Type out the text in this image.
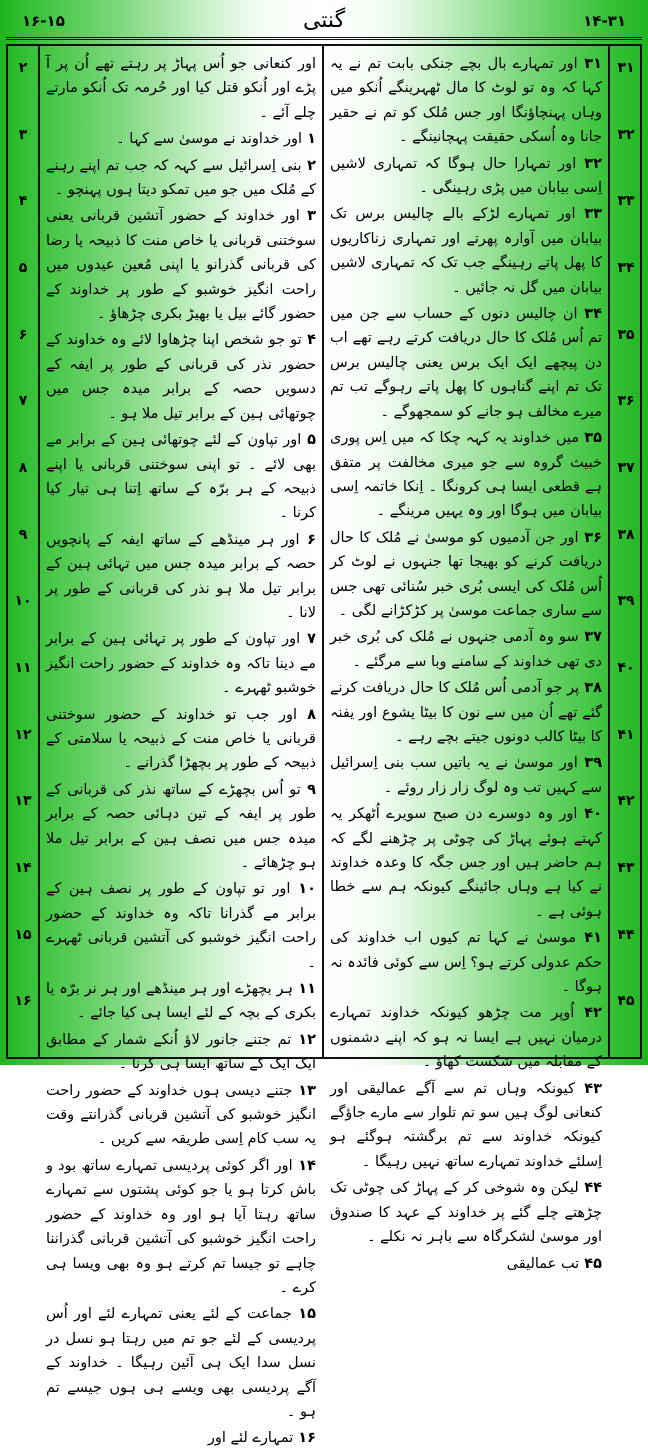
۱۶-۱۵	گنتی	۱۴-۳۱
۳۱
۳۲
۳۳
۳۴
۳۵
۳۶
۳۷
۳۸
۳۹
۴۰
۴۱
۴۲
۴۳
۴۴
۴۵
۲
۳
۴
۵
۶
۷
۸
۹
۱۰
۱۱
۱۲
۱۳
۱۴
۱۵
۱۶

۳۱ اور تمہارے بال بچے جنکی بابت تم نے یہ کہا کہ وہ تو لوٹ کا مال ٹھہرینگے اُنکو میں وہاں پہنچاؤنگا اور جس مُلک کو تم نے حقیر جانا وہ اُسکی حقیقت پہچانینگے ۔

۳۲ اور تمہارا حال ہوگا کہ تمہاری لاشیں اِسی بیابان میں پڑی رہینگی ۔

۳۳ اور تمہارے لڑکے بالے چالیس برس تک بیابان میں آوارہ پھرتے اور تمہاری زناکاریوں کا پھل پاتے رہینگے جب تک کہ تمہاری لاشیں بیابان میں گل نہ جائیں ۔

۳۴ ان چالیس دنوں کے حساب سے جن میں تم اُس مُلک کا حال دریافت کرتے رہے تھے اب دن پیچھے ایک ایک برس یعنی چالیس برس تک تم اپنے گناہوں کا پھل پاتے رہوگے تب تم میرے مخالف ہو جانے کو سمجھوگے ۔

۳۵ میں خداوند یہ کہہ چکا کہ میں اِس پوری خبیث گروہ سے جو میری مخالفت پر متفق ہے قطعی ایسا ہی کرونگا ۔ اِنکا خاتمہ اِسی بیابان میں ہوگا اور وہ یہیں مرینگے ۔

۳۶ اور جن آدمیوں کو موسیٰ نے مُلک کا حال دریافت کرنے کو بھیجا تھا جنہوں نے لوٹ کر اُس مُلک کی ایسی بُری خبر سُنائی تھی جس سے ساری جماعت موسیٰ پر کڑکڑانے لگی ۔

۳۷ سو وہ آدمی جنہوں نے مُلک کی بُری خبر دی تھی خداوند کے سامنے وبا سے مرگئے ۔

۳۸ پر جو آدمی اُس مُلک کا حال دریافت کرنے گئے تھے اُن میں سے نون کا بیٹا یشوع اور یفنہ کا بیٹا کالب دونوں جیتے بچے رہے ۔

۳۹ اور موسیٰ نے یہ باتیں سب بنی اِسرائیل سے کہیں تب وہ لوگ زار زار روئے ۔

۴۰ اور وہ دوسرے دن صبح سویرے اُٹھکر یہ کہتے ہوئے پہاڑ کی چوٹی پر چڑھنے لگے کہ ہم حاضر ہیں اور جس جگہ کا وعدہ خداوند نے کیا ہے وہاں جائینگے کیونکہ ہم سے خطا ہوئی ہے ۔

۴۱ موسیٰ نے کہا تم کیوں اب خداوند کی حکم عدولی کرتے ہو؟ اِس سے کوئی فائدہ نہ ہوگا ۔

۴۲ اُوپر مت چڑھو کیونکہ خداوند تمہارے درمیان نہیں ہے ایسا نہ ہو کہ اپنے دشمنوں کے مقابلہ میں شکست کھاؤ ۔

۴۳ کیونکہ وہاں تم سے آگے عمالیقی اور کنعانی لوگ ہیں سو تم تلوار سے مارے جاؤگے کیونکہ خداوند سے تم برگشتہ ہوگئے ہو اِسلئے خداوند تمہارے ساتھ نہیں رہیگا ۔

۴۴ لیکن وہ شوخی کر کے پہاڑ کی چوٹی تک چڑھتے چلے گئے پر خداوند کے عہد کا صندوق اور موسیٰ لشکرگاہ سے باہر نہ نکلے ۔

۴۵ تب عمالیقی

اور کنعانی جو اُس پہاڑ پر رہتے تھے اُن پر آ پڑے اور اُنکو قتل کیا اور حُرمہ تک اُنکو مارتے چلے آئے ۔

۱ اور خداوند نے موسیٰ سے کہا ۔

۲ بنی اِسرائیل سے کہہ کہ جب تم اپنے رہنے کے مُلک میں جو میں تمکو دیتا ہوں پہنچو ۔

۳ اور خداوند کے حضور آتشین قربانی یعنی سوختنی قربانی یا خاص منت کا ذبیحہ یا رضا کی قربانی گذرانو یا اپنی مُعین عیدوں میں راحت انگیز خوشبو کے طور پر خداوند کے حضور گائے بیل یا بھیڑ بکری چڑھاؤ ۔

۴ تو جو شخص اپنا چڑھاوا لائے وہ خداوند کے حضور نذر کی قربانی کے طور پر ایفہ کے دسویں حصہ کے برابر میدہ جس میں چوتھائی ہین کے برابر تیل ملا ہو ۔

۵ اور تپاون کے لئے چوتھائی ہین کے برابر مے بھی لائے ۔ تو اپنی سوختنی قربانی یا اپنے ذبیحہ کے ہر برّہ کے ساتھ اِتنا ہی تیار کیا کرنا ۔

۶ اور ہر مینڈھے کے ساتھ ایفہ کے پانچویں حصہ کے برابر میدہ جس میں تہائی ہین کے برابر تیل ملا ہو نذر کی قربانی کے طور پر لانا ۔

۷ اور تپاون کے طور پر تہائی ہین کے برابر مے دینا تاکہ وہ خداوند کے حضور راحت انگیز خوشبو ٹھہرے ۔

۸ اور جب تو خداوند کے حضور سوختنی قربانی یا خاص منت کے ذبیحہ یا سلامتی کے ذبیحہ کے طور پر بچھڑا گذرانے ۔

۹ تو اُس بچھڑے کے ساتھ نذر کی قربانی کے طور پر ایفہ کے تین دہائی حصہ کے برابر میدہ جس میں نصف ہین کے برابر تیل ملا ہو چڑھائے ۔

۱۰ اور تو تپاون کے طور پر نصف ہین کے برابر مے گذرانا تاکہ وہ خداوند کے حضور راحت انگیز خوشبو کی آتشین قربانی ٹھہرے ۔

۱۱ ہر بچھڑے اور ہر مینڈھے اور ہر نر برّہ یا بکری کے بچہ کے لئے ایسا ہی کیا جائے ۔

۱۲ تم جتنے جانور لاؤ اُنکے شمار کے مطابق ایک ایک کے ساتھ ایسا ہی کرنا ۔

۱۳ جتنے دیسی ہوں خداوند کے حضور راحت انگیز خوشبو کی آتشین قربانی گذرانتے وقت یہ سب کام اِسی طریقہ سے کریں ۔

۱۴ اور اگر کوئی پردیسی تمہارے ساتھ بود و باش کرتا ہو یا جو کوئی پشتوں سے تمہارے ساتھ رہتا آیا ہو اور وہ خداوند کے حضور راحت انگیز خوشبو کی آتشین قربانی گذراننا چاہے تو جیسا تم کرتے ہو وہ بھی ویسا ہی کرے ۔

۱۵ جماعت کے لئے یعنی تمہارے لئے اور اُس پردیسی کے لئے جو تم میں رہتا ہو نسل در نسل سدا ایک ہی آئین رہیگا ۔ خداوند کے آگے پردیسی بھی ویسے ہی ہوں جیسے تم ہو ۔

۱۶ تمہارے لئے اور
